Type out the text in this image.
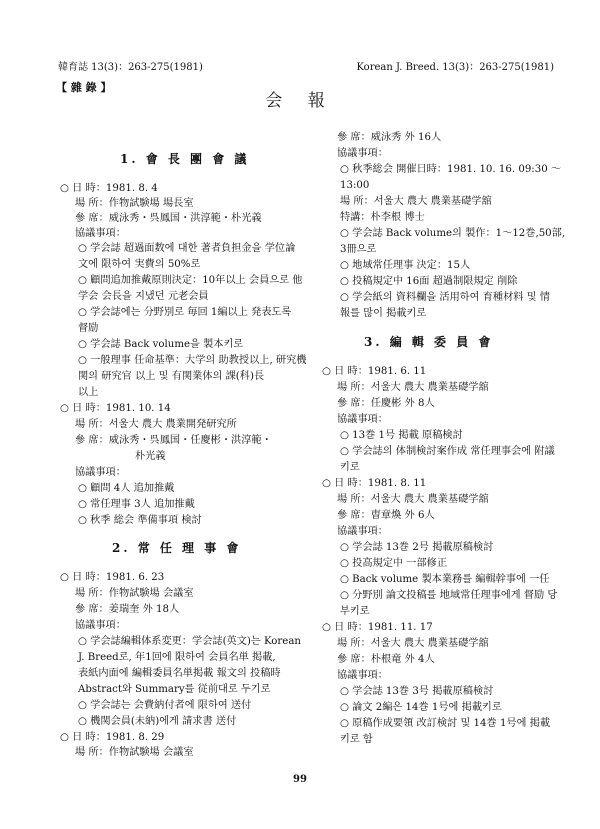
韓育誌 13(3)：263-275(1981)	Korean J. Breed. 13(3)：263-275(1981)
【 雜 錄 】
会 報
1. 會 長 團 會 議
○ 日 時：1981. 8. 4
場 所：作物試験場 場長室
參 席：威泳秀・呉鳳国・洪淳範・朴光義
協議事項：
○ 学会誌 超過面数에 대한 著者負担金을 学位論
文에 限하여 実費의 50%로
○ 顧問追加推戴原則決定：10年以上 会員으로 他
学会 会長을 지냈던 元老会員
○ 学会誌에는 分野別로 毎回 1編以上 発表도록
督励
○ 学会誌 Back volume을 製本키로
○ 一般理事 任命基準：大学의 助教授以上, 研究機
関의 研究官 以上 및 有関業体의 課(科)長
以上
○ 日 時：1981. 10. 14
場 所：서울大 農大 農業開発研究所
參 席：威泳秀・呉鳳国・任慶彬・洪淳範・
朴光義
協議事項：
○ 顧問 4人 追加推戴
○ 常任理事 3人 追加推戴
○ 秋季 総会 準備事項 検討
2. 常 任 理 事 會
○ 日 時：1981. 6. 23
場 所：作物試験場 会議室
參 席：姜瑞奎 外 18人
協議事項：
○ 学会誌編輯体系変更：学会誌(英文)는 Korean
J. Breed로, 年1回에 限하여 会員名単 掲載,
表紙内面에 編輯委員名単掲載 報文의 投稿時
Abstract와 Summary를 従前대로 두기로
○ 学会誌는 会費納付者에 限하여 送付
○ 機関会員(未納)에게 請求書 送付
○ 日 時：1981. 8. 29
場 所：作物試験場 会議室
參 席：威泳秀 外 16人
協議事項：
○ 秋季総会 開催日時：1981. 10. 16. 09:30 ～
13:00
場 所：서울大 農大 農業基礎学舘
特講：朴李根 博士
○ 学会誌 Back volume의 製作：1～12巻,50部,
3冊으로
○ 地域常任理事 決定：15人
○ 投稿規定中 16面 超過制限規定 削除
○ 学会紙의 資料欄을 活用하여 育種材料 및 情
報를 많이 掲載키로
3. 編 輯 委 員 會
○ 日 時：1981. 6. 11
場 所：서울大 農大 農業基礎学舘
參 席：任慶彬 外 8人
協議事項：
○ 13巻 1号 掲載 原稿検討
○ 学会誌의 体制検討案作成 常任理事会에 附議
키로
○ 日 時：1981. 8. 11
場 所：서울大 農大 農業基礎学舘
參 席：曺章煥 外 6人
協議事項：
○ 学会誌 13巻 2号 掲載原稿検討
○ 投高規定中 一部修正
○ Back volume 製本業務를 編輯幹事에 一任
○ 分野別 論文投稿를 地域常任理事에게 督励 당
부키로
○ 日 時：1981. 11. 17
場 所：서울大 農大 農業基礎学舘
參 席：朴根竜 外 4人
協議事項：
○ 学会誌 13巻 3号 掲載原稿検討
○ 論文 2編은 14巻 1号에 掲載키로
○ 原稿作成要領 改訂検討 및 14巻 1号에 掲載
키로 함
99
